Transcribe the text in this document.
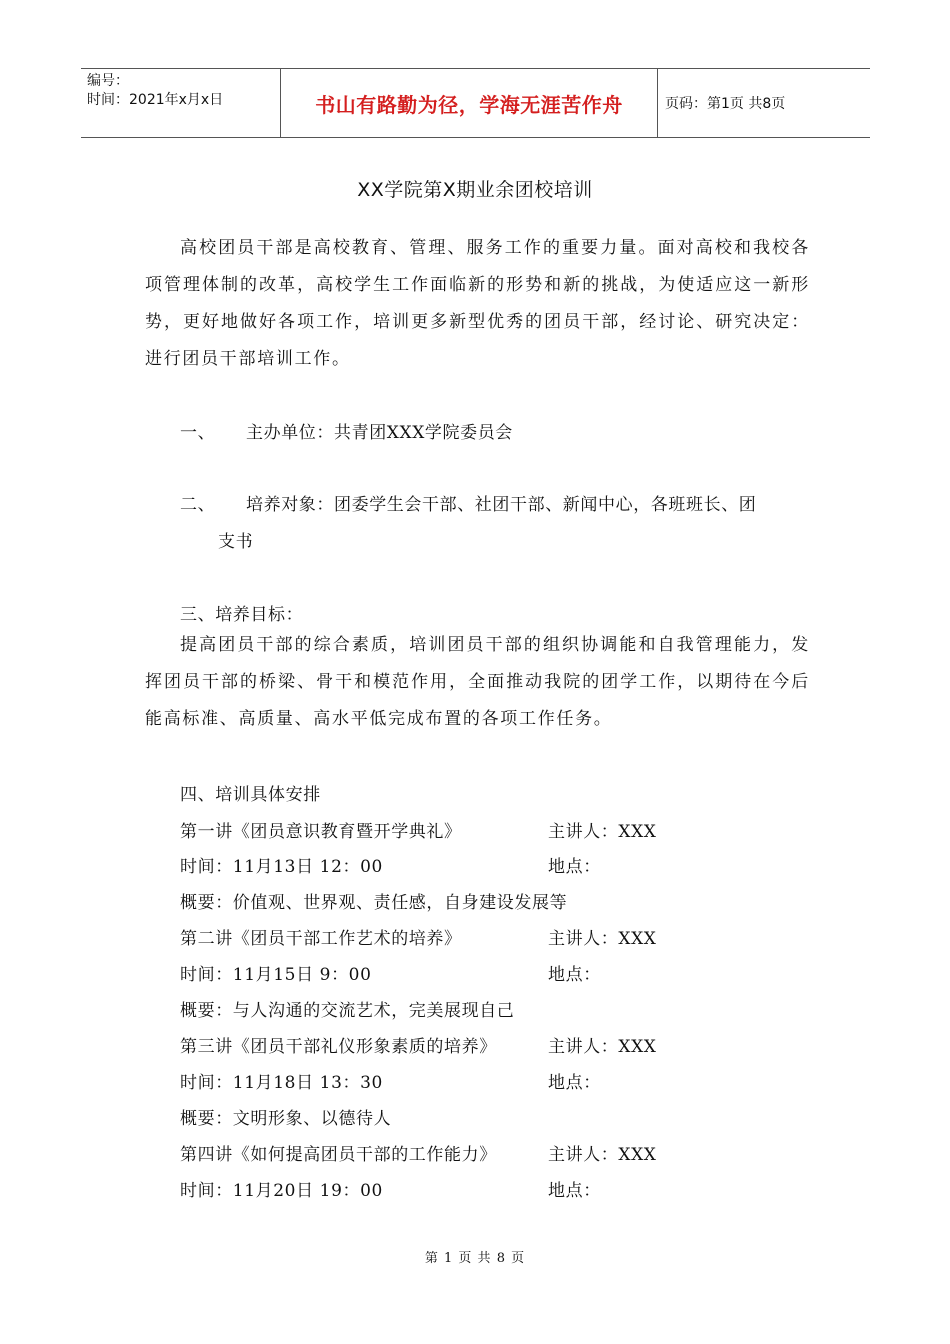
编号：
时间：2021年x月x日	书山有路勤为径，学海无涯苦作舟	页码：第1页 共8页
XX学院第X期业余团校培训
高校团员干部是高校教育、管理、服务工作的重要力量。面对高校和我校各项管理体制的改革，高校学生工作面临新的形势和新的挑战，为使适应这一新形势，更好地做好各项工作，培训更多新型优秀的团员干部，经讨论、研究决定：进行团员干部培训工作。
一、 主办单位：共青团XXX学院委员会
二、 培养对象：团委学生会干部、社团干部、新闻中心，各班班长、团
支书
三、培养目标：
提高团员干部的综合素质，培训团员干部的组织协调能和自我管理能力，发挥团员干部的桥梁、骨干和模范作用，全面推动我院的团学工作，以期待在今后能高标准、高质量、高水平低完成布置的各项工作任务。
四、培训具体安排
第一讲《团员意识教育暨开学典礼》	主讲人：XXX
时间：11月13日 12：00	地点：
概要：价值观、世界观、责任感，自身建设发展等
第二讲《团员干部工作艺术的培养》	主讲人：XXX
时间：11月15日 9：00	地点：
概要：与人沟通的交流艺术，完美展现自己
第三讲《团员干部礼仪形象素质的培养》	主讲人：XXX
时间：11月18日 13：30	地点：
概要：文明形象、以德待人
第四讲《如何提高团员干部的工作能力》	主讲人：XXX
时间：11月20日 19：00	地点：
第 1 页 共 8 页
